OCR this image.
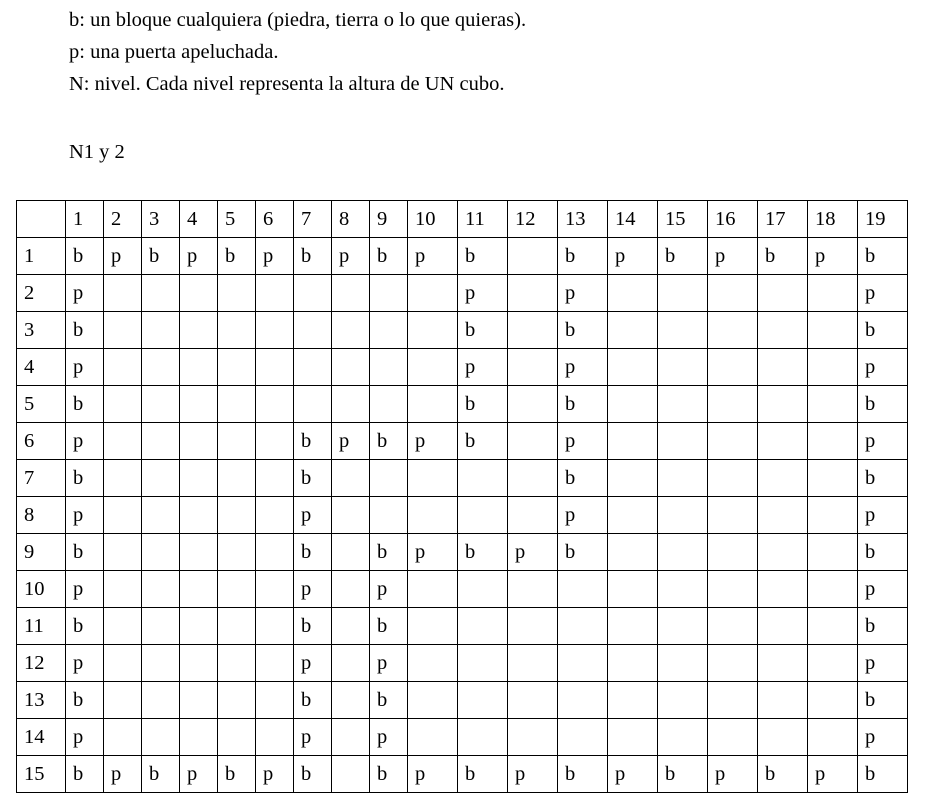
b: un bloque cualquiera (piedra, tierra o lo que quieras).

p: una puerta apeluchada.

N: nivel. Cada nivel representa la altura de UN cubo.

N1 y 2
	1	2	3	4	5	6	7	8	9	10	11	12	13	14	15	16	17	18	19
1	b	p	b	p	b	p	b	p	b	p	b		b	p	b	p	b	p	b
2	p										p		p						p
3	b										b		b						b
4	p										p		p						p
5	b										b		b						b
6	p						b	p	b	p	b		p						p
7	b						b						b						b
8	p						p						p						p
9	b						b		b	p	b	p	b						b
10	p						p		p										p
11	b						b		b										b
12	p						p		p										p
13	b						b		b										b
14	p						p		p										p
15	b	p	b	p	b	p	b		b	p	b	p	b	p	b	p	b	p	b
